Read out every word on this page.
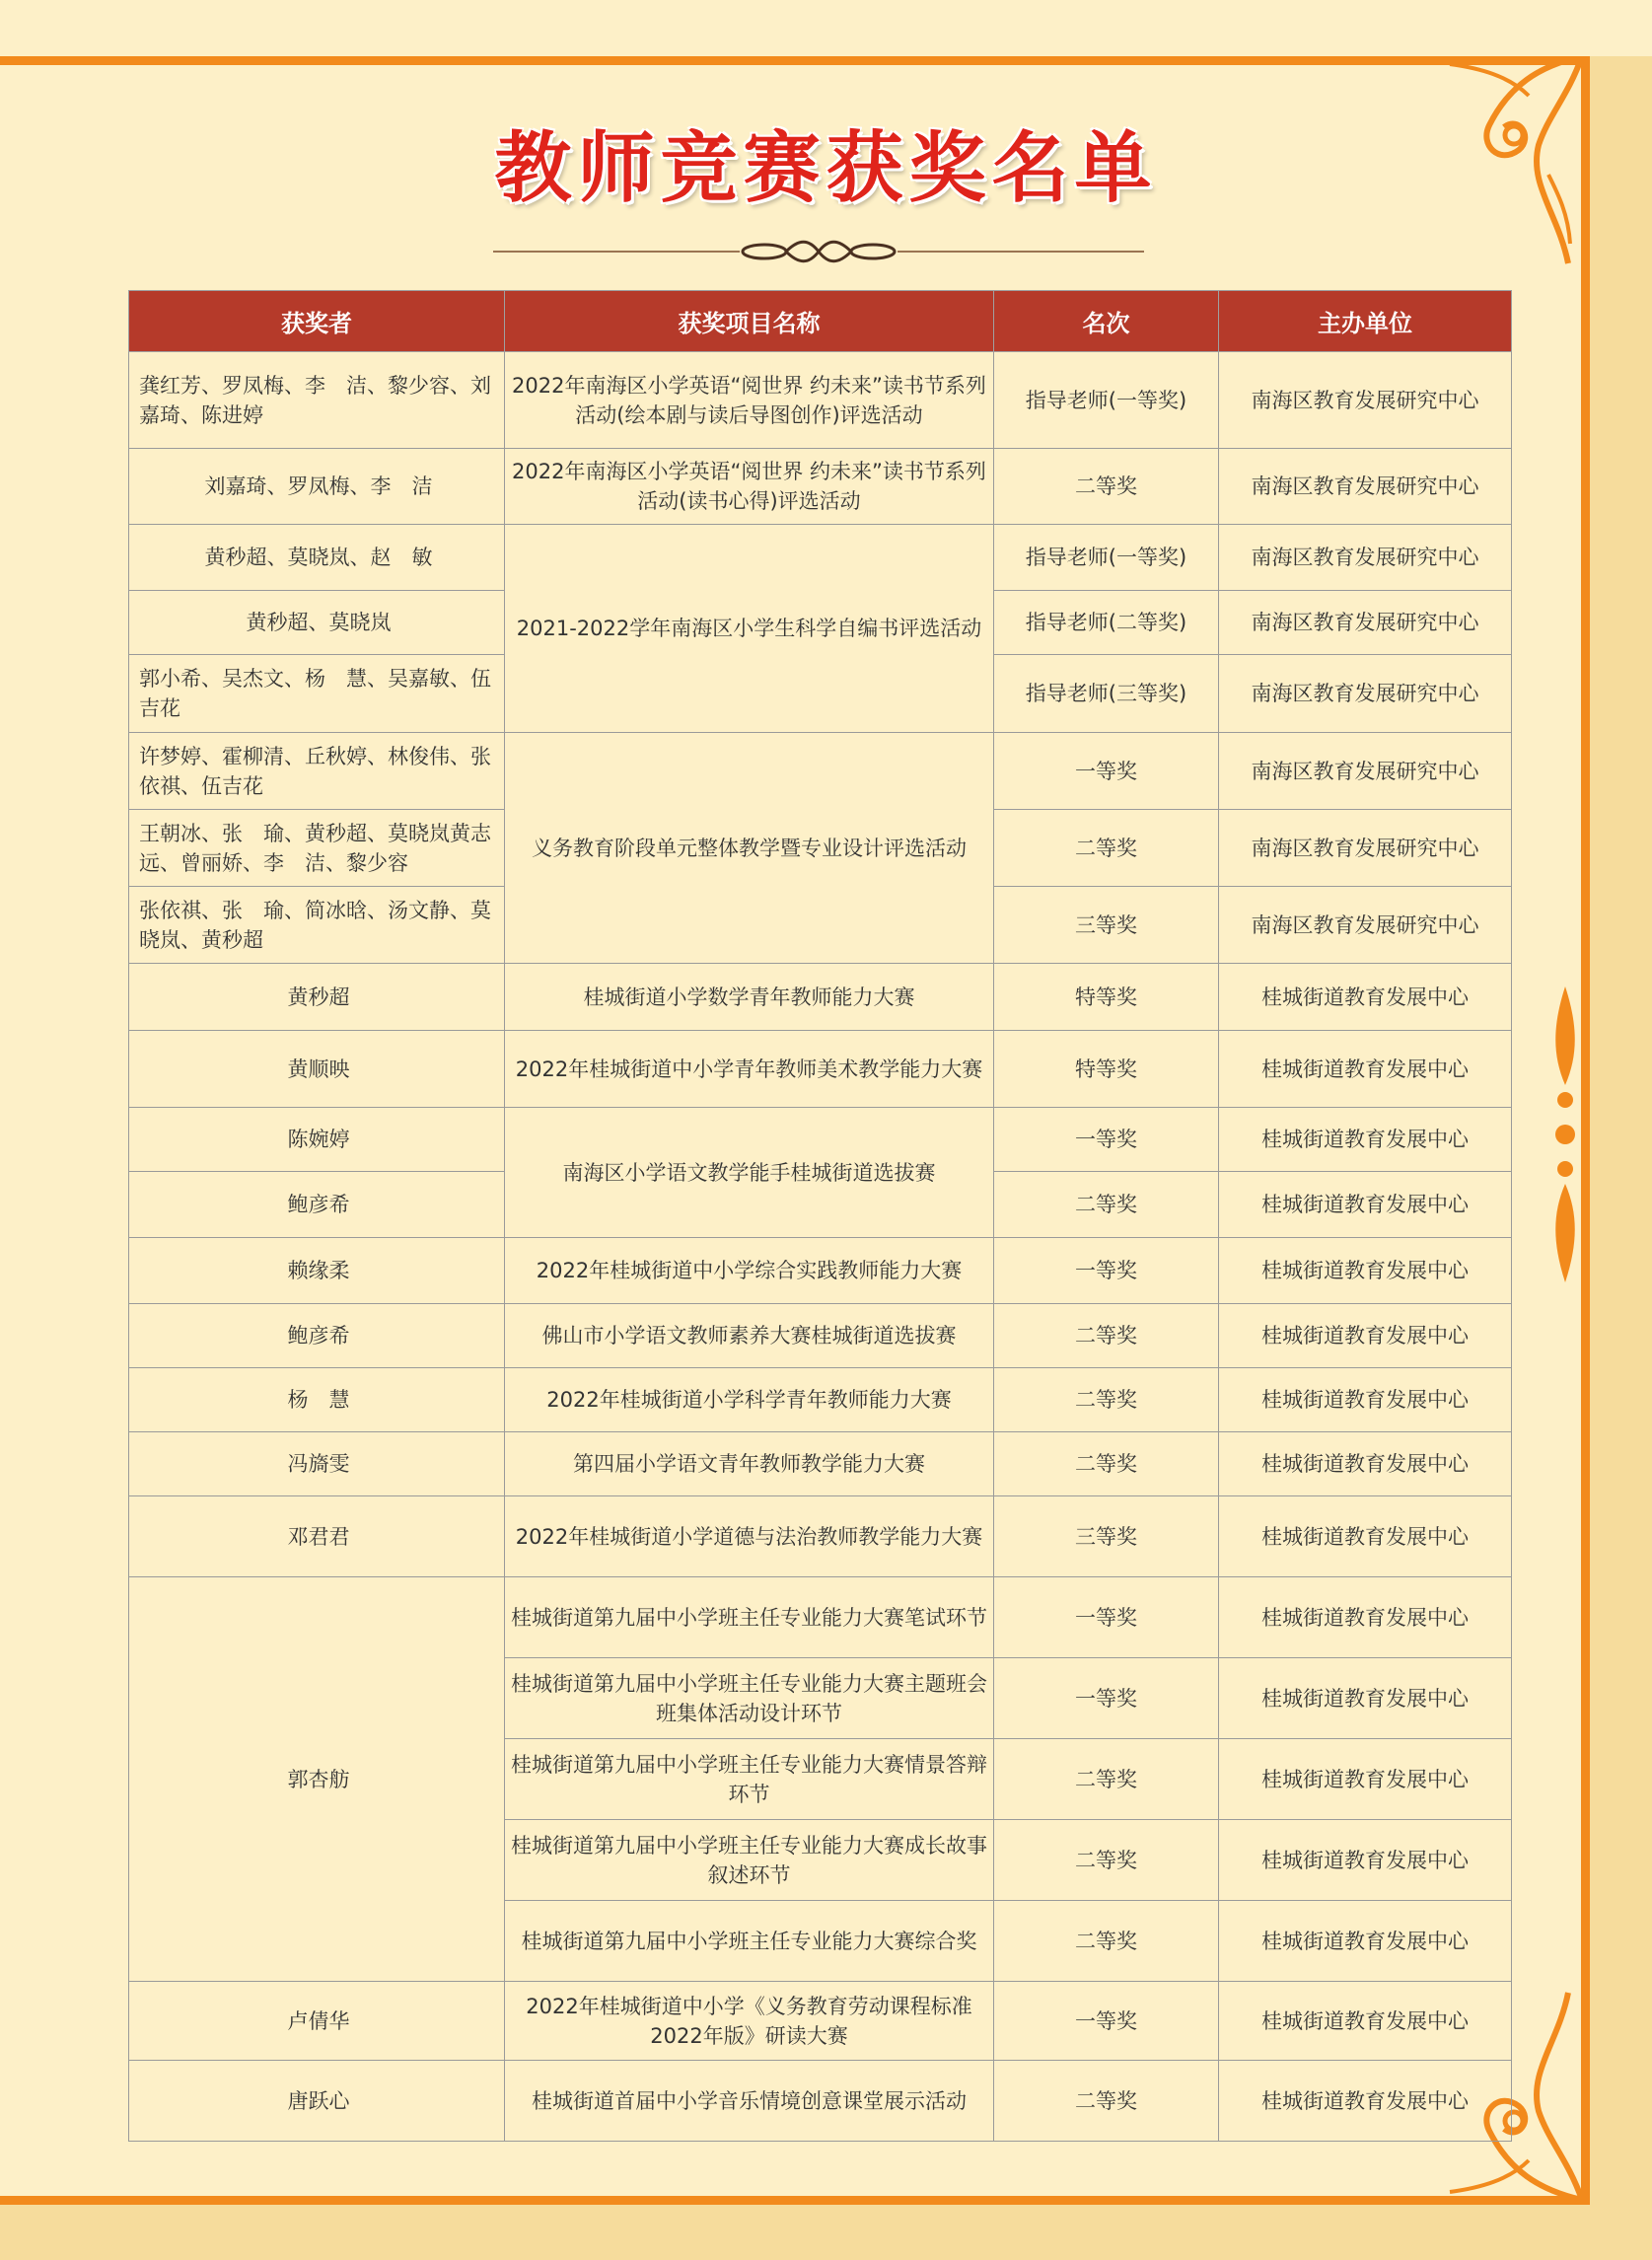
教师竞赛获奖名单
获奖者	获奖项目名称	名次	主办单位
龚红芳、罗凤梅、李　洁、黎少容、刘嘉琦、陈进婷	2022年南海区小学英语“阅世界 约未来”读书节系列活动(绘本剧与读后导图创作)评选活动	指导老师(一等奖)	南海区教育发展研究中心
刘嘉琦、罗凤梅、李　洁	2022年南海区小学英语“阅世界 约未来”读书节系列活动(读书心得)评选活动	二等奖	南海区教育发展研究中心
黄秒超、莫晓岚、赵　敏	2021-2022学年南海区小学生科学自编书评选活动	指导老师(一等奖)	南海区教育发展研究中心
黄秒超、莫晓岚		指导老师(二等奖)	南海区教育发展研究中心
郭小希、吴杰文、杨　慧、吴嘉敏、伍吉花		指导老师(三等奖)	南海区教育发展研究中心
许梦婷、霍柳清、丘秋婷、林俊伟、张依祺、伍吉花	义务教育阶段单元整体教学暨专业设计评选活动	一等奖	南海区教育发展研究中心
王朝冰、张　瑜、黄秒超、莫晓岚黄志远、曾丽娇、李　洁、黎少容		二等奖	南海区教育发展研究中心
张依祺、张　瑜、简冰晗、汤文静、莫晓岚、黄秒超		三等奖	南海区教育发展研究中心
黄秒超	桂城街道小学数学青年教师能力大赛	特等奖	桂城街道教育发展中心
黄顺映	2022年桂城街道中小学青年教师美术教学能力大赛	特等奖	桂城街道教育发展中心
陈婉婷	南海区小学语文教学能手桂城街道选拔赛	一等奖	桂城街道教育发展中心
鲍彦希		二等奖	桂城街道教育发展中心
赖缘柔	2022年桂城街道中小学综合实践教师能力大赛	一等奖	桂城街道教育发展中心
鲍彦希	佛山市小学语文教师素养大赛桂城街道选拔赛	二等奖	桂城街道教育发展中心
杨　慧	2022年桂城街道小学科学青年教师能力大赛	二等奖	桂城街道教育发展中心
冯旖雯	第四届小学语文青年教师教学能力大赛	二等奖	桂城街道教育发展中心
邓君君	2022年桂城街道小学道德与法治教师教学能力大赛	三等奖	桂城街道教育发展中心
郭杏舫	桂城街道第九届中小学班主任专业能力大赛笔试环节	一等奖	桂城街道教育发展中心
	桂城街道第九届中小学班主任专业能力大赛主题班会班集体活动设计环节	一等奖	桂城街道教育发展中心
	桂城街道第九届中小学班主任专业能力大赛情景答辩环节	二等奖	桂城街道教育发展中心
	桂城街道第九届中小学班主任专业能力大赛成长故事叙述环节	二等奖	桂城街道教育发展中心
	桂城街道第九届中小学班主任专业能力大赛综合奖	二等奖	桂城街道教育发展中心
卢倩华	2022年桂城街道中小学《义务教育劳动课程标准2022年版》研读大赛	一等奖	桂城街道教育发展中心
唐跃心	桂城街道首届中小学音乐情境创意课堂展示活动	二等奖	桂城街道教育发展中心
